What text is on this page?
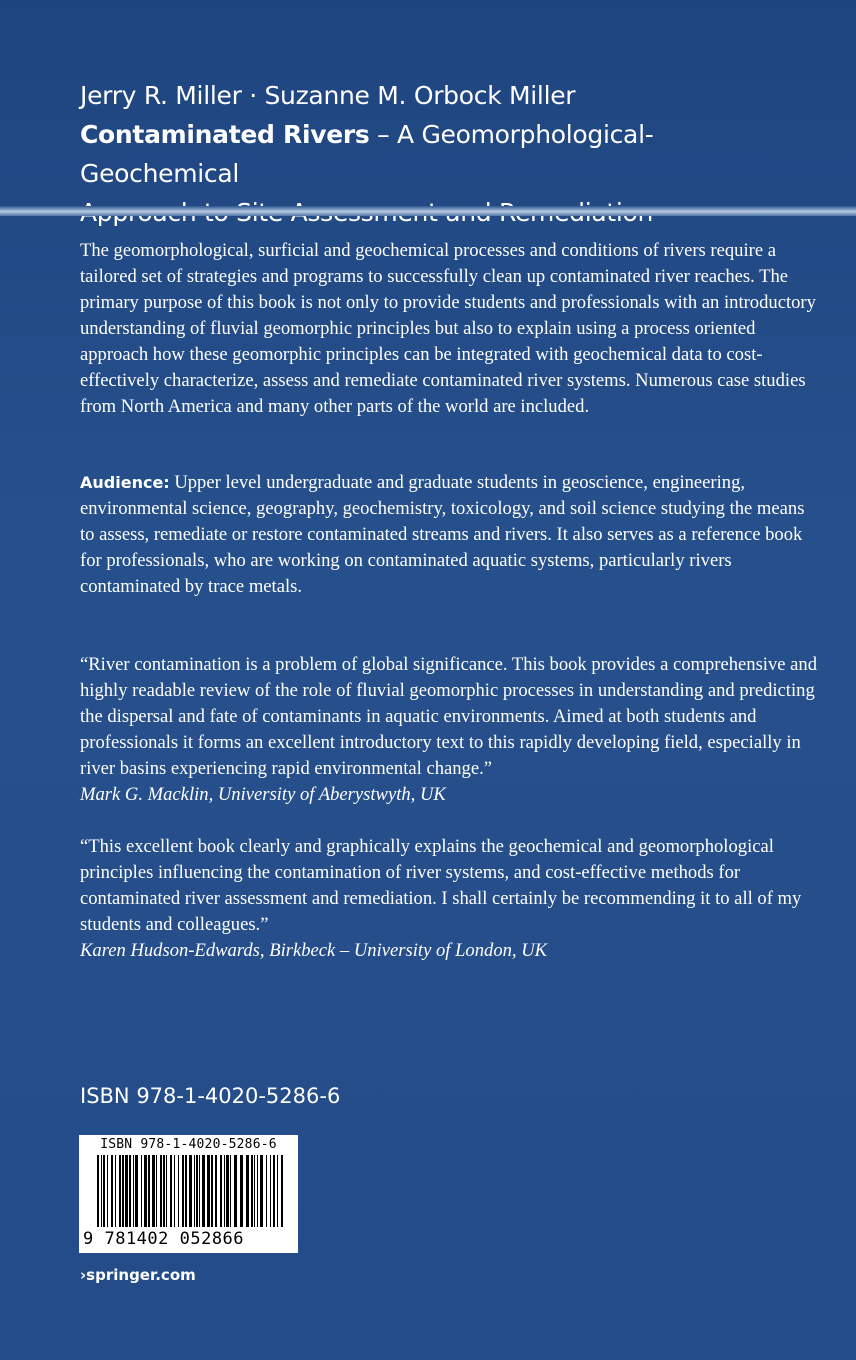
Jerry R. Miller · Suzanne M. Orbock Miller
Contaminated Rivers – A Geomorphological-Geochemical
The geomorphological, surficial and geochemical processes and conditions of rivers require a tailored set of strategies and programs to successfully clean up contaminated river reaches. The primary purpose of this book is not only to provide students and professionals with an introductory understanding of fluvial geomorphic principles but also to explain using a process oriented approach how these geomorphic principles can be integrated with geochemical data to cost-effectively characterize, assess and remediate contaminated river systems. Numerous case studies from North America and many other parts of the world are included.
Audience: Upper level undergraduate and graduate students in geoscience, engineering, environmental science, geography, geochemistry, toxicology, and soil science studying the means to assess, remediate or restore contaminated streams and rivers. It also serves as a reference book for professionals, who are working on contaminated aquatic systems, particularly rivers contaminated by trace metals.
“River contamination is a problem of global significance. This book provides a comprehensive and highly readable review of the role of fluvial geomorphic processes in understanding and predicting the dispersal and fate of contaminants in aquatic environments. Aimed at both students and professionals it forms an excellent introductory text to this rapidly developing field, especially in river basins experiencing rapid environmental change.”
Mark G. Macklin, University of Aberystwyth, UK
“This excellent book clearly and graphically explains the geochemical and geomorphological principles influencing the contamination of river systems, and cost-effective methods for contaminated river assessment and remediation. I shall certainly be recommending it to all of my students and colleagues.”
Karen Hudson-Edwards, Birkbeck – University of London, UK
ISBN 978-1-4020-5286-6
ISBN 978-1-4020-5286-6
9 781402 052866
›springer.com
